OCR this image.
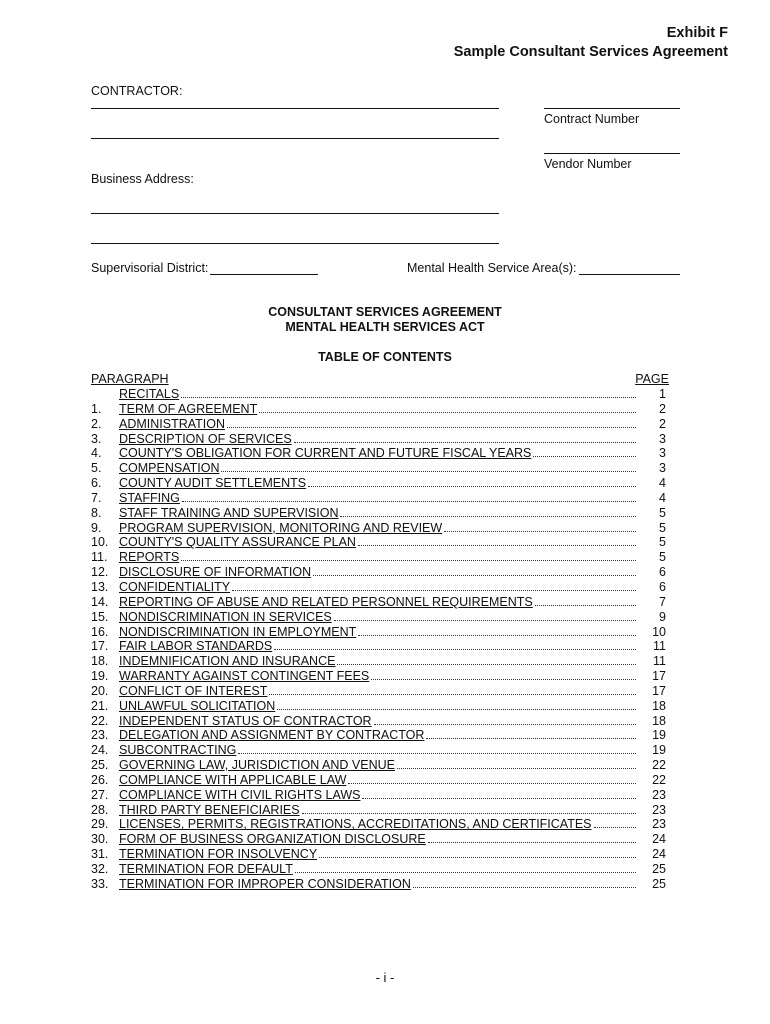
Exhibit F
Sample Consultant Services Agreement
CONTRACTOR:
Contract Number
Vendor Number
Business Address:
Supervisorial District:	Mental Health Service Area(s):
CONSULTANT SERVICES AGREEMENT
MENTAL HEALTH SERVICES ACT
TABLE OF CONTENTS
PARAGRAPH	PAGE
RECITALS	1
1.	TERM OF AGREEMENT	2
2.	ADMINISTRATION	2
3.	DESCRIPTION OF SERVICES	3
4.	COUNTY'S OBLIGATION FOR CURRENT AND FUTURE FISCAL YEARS	3
5.	COMPENSATION	3
6.	COUNTY AUDIT SETTLEMENTS	4
7.	STAFFING	4
8.	STAFF TRAINING AND SUPERVISION	5
9.	PROGRAM SUPERVISION, MONITORING AND REVIEW	5
10. COUNTY'S QUALITY ASSURANCE PLAN	5
11. REPORTS	5
12. DISCLOSURE OF INFORMATION	6
13. CONFIDENTIALITY	6
14. REPORTING OF ABUSE AND RELATED PERSONNEL REQUIREMENTS	7
15. NONDISCRIMINATION IN SERVICES	9
16. NONDISCRIMINATION IN EMPLOYMENT	10
17. FAIR LABOR STANDARDS	11
18. INDEMNIFICATION AND INSURANCE	11
19. WARRANTY AGAINST CONTINGENT FEES	17
20. CONFLICT OF INTEREST	17
21. UNLAWFUL SOLICITATION	18
22. INDEPENDENT STATUS OF CONTRACTOR	18
23. DELEGATION AND ASSIGNMENT BY CONTRACTOR	19
24. SUBCONTRACTING	19
25. GOVERNING LAW, JURISDICTION AND VENUE	22
26. COMPLIANCE WITH APPLICABLE LAW	22
27. COMPLIANCE WITH CIVIL RIGHTS LAWS	23
28. THIRD PARTY BENEFICIARIES	23
29. LICENSES, PERMITS, REGISTRATIONS, ACCREDITATIONS, AND CERTIFICATES	23
30. FORM OF BUSINESS ORGANIZATION DISCLOSURE	24
31. TERMINATION FOR INSOLVENCY	24
32. TERMINATION FOR DEFAULT	25
33. TERMINATION FOR IMPROPER CONSIDERATION	25
- i -
